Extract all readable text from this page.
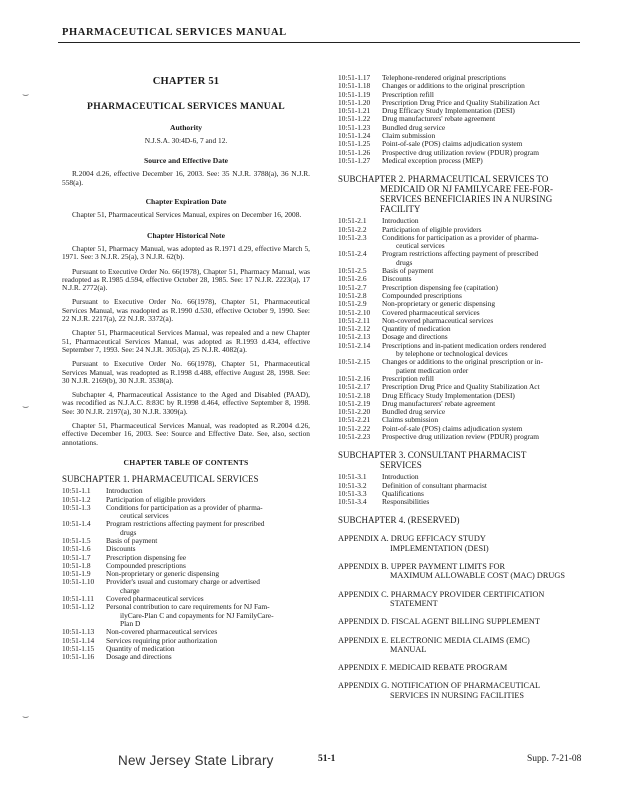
PHARMACEUTICAL SERVICES MANUAL
⌣
⌣
⌣
CHAPTER 51
PHARMACEUTICAL SERVICES MANUAL
Authority
N.J.S.A. 30:4D-6, 7 and 12.
Source and Effective Date
R.2004 d.26, effective December 16, 2003. See: 35 N.J.R. 3788(a), 36 N.J.R. 558(a).
Chapter Expiration Date
Chapter 51, Pharmaceutical Services Manual, expires on December 16, 2008.
Chapter Historical Note
Chapter 51, Pharmacy Manual, was adopted as R.1971 d.29, effective March 5, 1971. See: 3 N.J.R. 25(a), 3 N.J.R. 62(b).
Pursuant to Executive Order No. 66(1978), Chapter 51, Pharmacy Manual, was readopted as R.1985 d.594, effective October 28, 1985. See: 17 N.J.R. 2223(a), 17 N.J.R. 2772(a).
Pursuant to Executive Order No. 66(1978), Chapter 51, Pharmaceutical Services Manual, was readopted as R.1990 d.530, effective October 9, 1990. See: 22 N.J.R. 2217(a), 22 N.J.R. 3372(a).
Chapter 51, Pharmaceutical Services Manual, was repealed and a new Chapter 51, Pharmaceutical Services Manual, was adopted as R.1993 d.434, effective September 7, 1993. See: 24 N.J.R. 3053(a), 25 N.J.R. 4082(a).
Pursuant to Executive Order No. 66(1978), Chapter 51, Pharmaceutical Services Manual, was readopted as R.1998 d.488, effective August 28, 1998. See: 30 N.J.R. 2169(b), 30 N.J.R. 3538(a).
Subchapter 4, Pharmaceutical Assistance to the Aged and Disabled (PAAD), was recodified as N.J.A.C. 8:83C by R.1998 d.464, effective September 8, 1998. See: 30 N.J.R. 2197(a), 30 N.J.R. 3309(a).
Chapter 51, Pharmaceutical Services Manual, was readopted as R.2004 d.26, effective December 16, 2003. See: Source and Effective Date. See, also, section annotations.
CHAPTER TABLE OF CONTENTS
SUBCHAPTER 1. PHARMACEUTICAL SERVICES
10:51-1.1	Introduction
10:51-1.2	Participation of eligible providers
10:51-1.3	Conditions for participation as a provider of pharma-
ceutical services
10:51-1.4	Program restrictions affecting payment for prescribed
drugs
10:51-1.5	Basis of payment
10:51-1.6	Discounts
10:51-1.7	Prescription dispensing fee
10:51-1.8	Compounded prescriptions
10:51-1.9	Non-proprietary or generic dispensing
10:51-1.10	Provider's usual and customary charge or advertised
charge
10:51-1.11	Covered pharmaceutical services
10:51-1.12	Personal contribution to care requirements for NJ Fam-
ilyCare-Plan C and copayments for NJ FamilyCare-
Plan D
10:51-1.13	Non-covered pharmaceutical services
10:51-1.14	Services requiring prior authorization
10:51-1.15	Quantity of medication
10:51-1.16	Dosage and directions
10:51-1.17	Telephone-rendered original prescriptions
10:51-1.18	Changes or additions to the original prescription
10:51-1.19	Prescription refill
10:51-1.20	Prescription Drug Price and Quality Stabilization Act
10:51-1.21	Drug Efficacy Study Implementation (DESI)
10:51-1.22	Drug manufacturers' rebate agreement
10:51-1.23	Bundled drug service
10:51-1.24	Claim submission
10:51-1.25	Point-of-sale (POS) claims adjudication system
10:51-1.26	Prospective drug utilization review (PDUR) program
10:51-1.27	Medical exception process (MEP)
SUBCHAPTER 2. PHARMACEUTICAL SERVICES TO
MEDICAID OR NJ FAMILYCARE FEE-FOR-
SERVICES BENEFICIARIES IN A NURSING
FACILITY
10:51-2.1	Introduction
10:51-2.2	Participation of eligible providers
10:51-2.3	Conditions for participation as a provider of pharma-
ceutical services
10:51-2.4	Program restrictions affecting payment of prescribed
drugs
10:51-2.5	Basis of payment
10:51-2.6	Discounts
10:51-2.7	Prescription dispensing fee (capitation)
10:51-2.8	Compounded prescriptions
10:51-2.9	Non-proprietary or generic dispensing
10:51-2.10	Covered pharmaceutical services
10:51-2.11	Non-covered pharmaceutical services
10:51-2.12	Quantity of medication
10:51-2.13	Dosage and directions
10:51-2.14	Prescriptions and in-patient medication orders rendered
by telephone or technological devices
10:51-2.15	Changes or additions to the original prescription or in-
patient medication order
10:51-2.16	Prescription refill
10:51-2.17	Prescription Drug Price and Quality Stabilization Act
10:51-2.18	Drug Efficacy Study Implementation (DESI)
10:51-2.19	Drug manufacturers' rebate agreement
10:51-2.20	Bundled drug service
10:51-2.21	Claims submission
10:51-2.22	Point-of-sale (POS) claims adjudication system
10:51-2.23	Prospective drug utilization review (PDUR) program
SUBCHAPTER 3. CONSULTANT PHARMACIST
SERVICES
10:51-3.1	Introduction
10:51-3.2	Definition of consultant pharmacist
10:51-3.3	Qualifications
10:51-3.4	Responsibilities
SUBCHAPTER 4. (RESERVED)
APPENDIX A. DRUG EFFICACY STUDY
IMPLEMENTATION (DESI)
APPENDIX B. UPPER PAYMENT LIMITS FOR
MAXIMUM ALLOWABLE COST (MAC) DRUGS
APPENDIX C. PHARMACY PROVIDER CERTIFICATION
STATEMENT
APPENDIX D. FISCAL AGENT BILLING SUPPLEMENT
APPENDIX E. ELECTRONIC MEDIA CLAIMS (EMC)
MANUAL
APPENDIX F. MEDICAID REBATE PROGRAM
APPENDIX G. NOTIFICATION OF PHARMACEUTICAL
SERVICES IN NURSING FACILITIES
New Jersey State Library	51-1	Supp. 7-21-08
